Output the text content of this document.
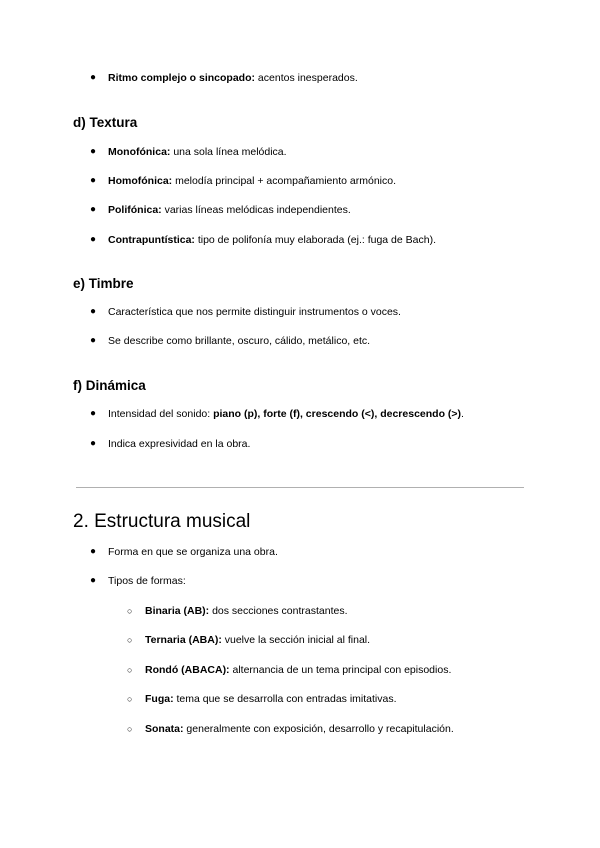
● Ritmo complejo o sincopado: acentos inesperados.
d) Textura
● Monofónica: una sola línea melódica.
● Homofónica: melodía principal + acompañamiento armónico.
● Polifónica: varias líneas melódicas independientes.
● Contrapuntística: tipo de polifonía muy elaborada (ej.: fuga de Bach).
e) Timbre
● Característica que nos permite distinguir instrumentos o voces.
● Se describe como brillante, oscuro, cálido, metálico, etc.
f) Dinámica
● Intensidad del sonido: piano (p), forte (f), crescendo (<), decrescendo (>).
● Indica expresividad en la obra.
2. Estructura musical
● Forma en que se organiza una obra.
● Tipos de formas:
○ Binaria (AB): dos secciones contrastantes.
○ Ternaria (ABA): vuelve la sección inicial al final.
○ Rondó (ABACA): alternancia de un tema principal con episodios.
○ Fuga: tema que se desarrolla con entradas imitativas.
○ Sonata: generalmente con exposición, desarrollo y recapitulación.
